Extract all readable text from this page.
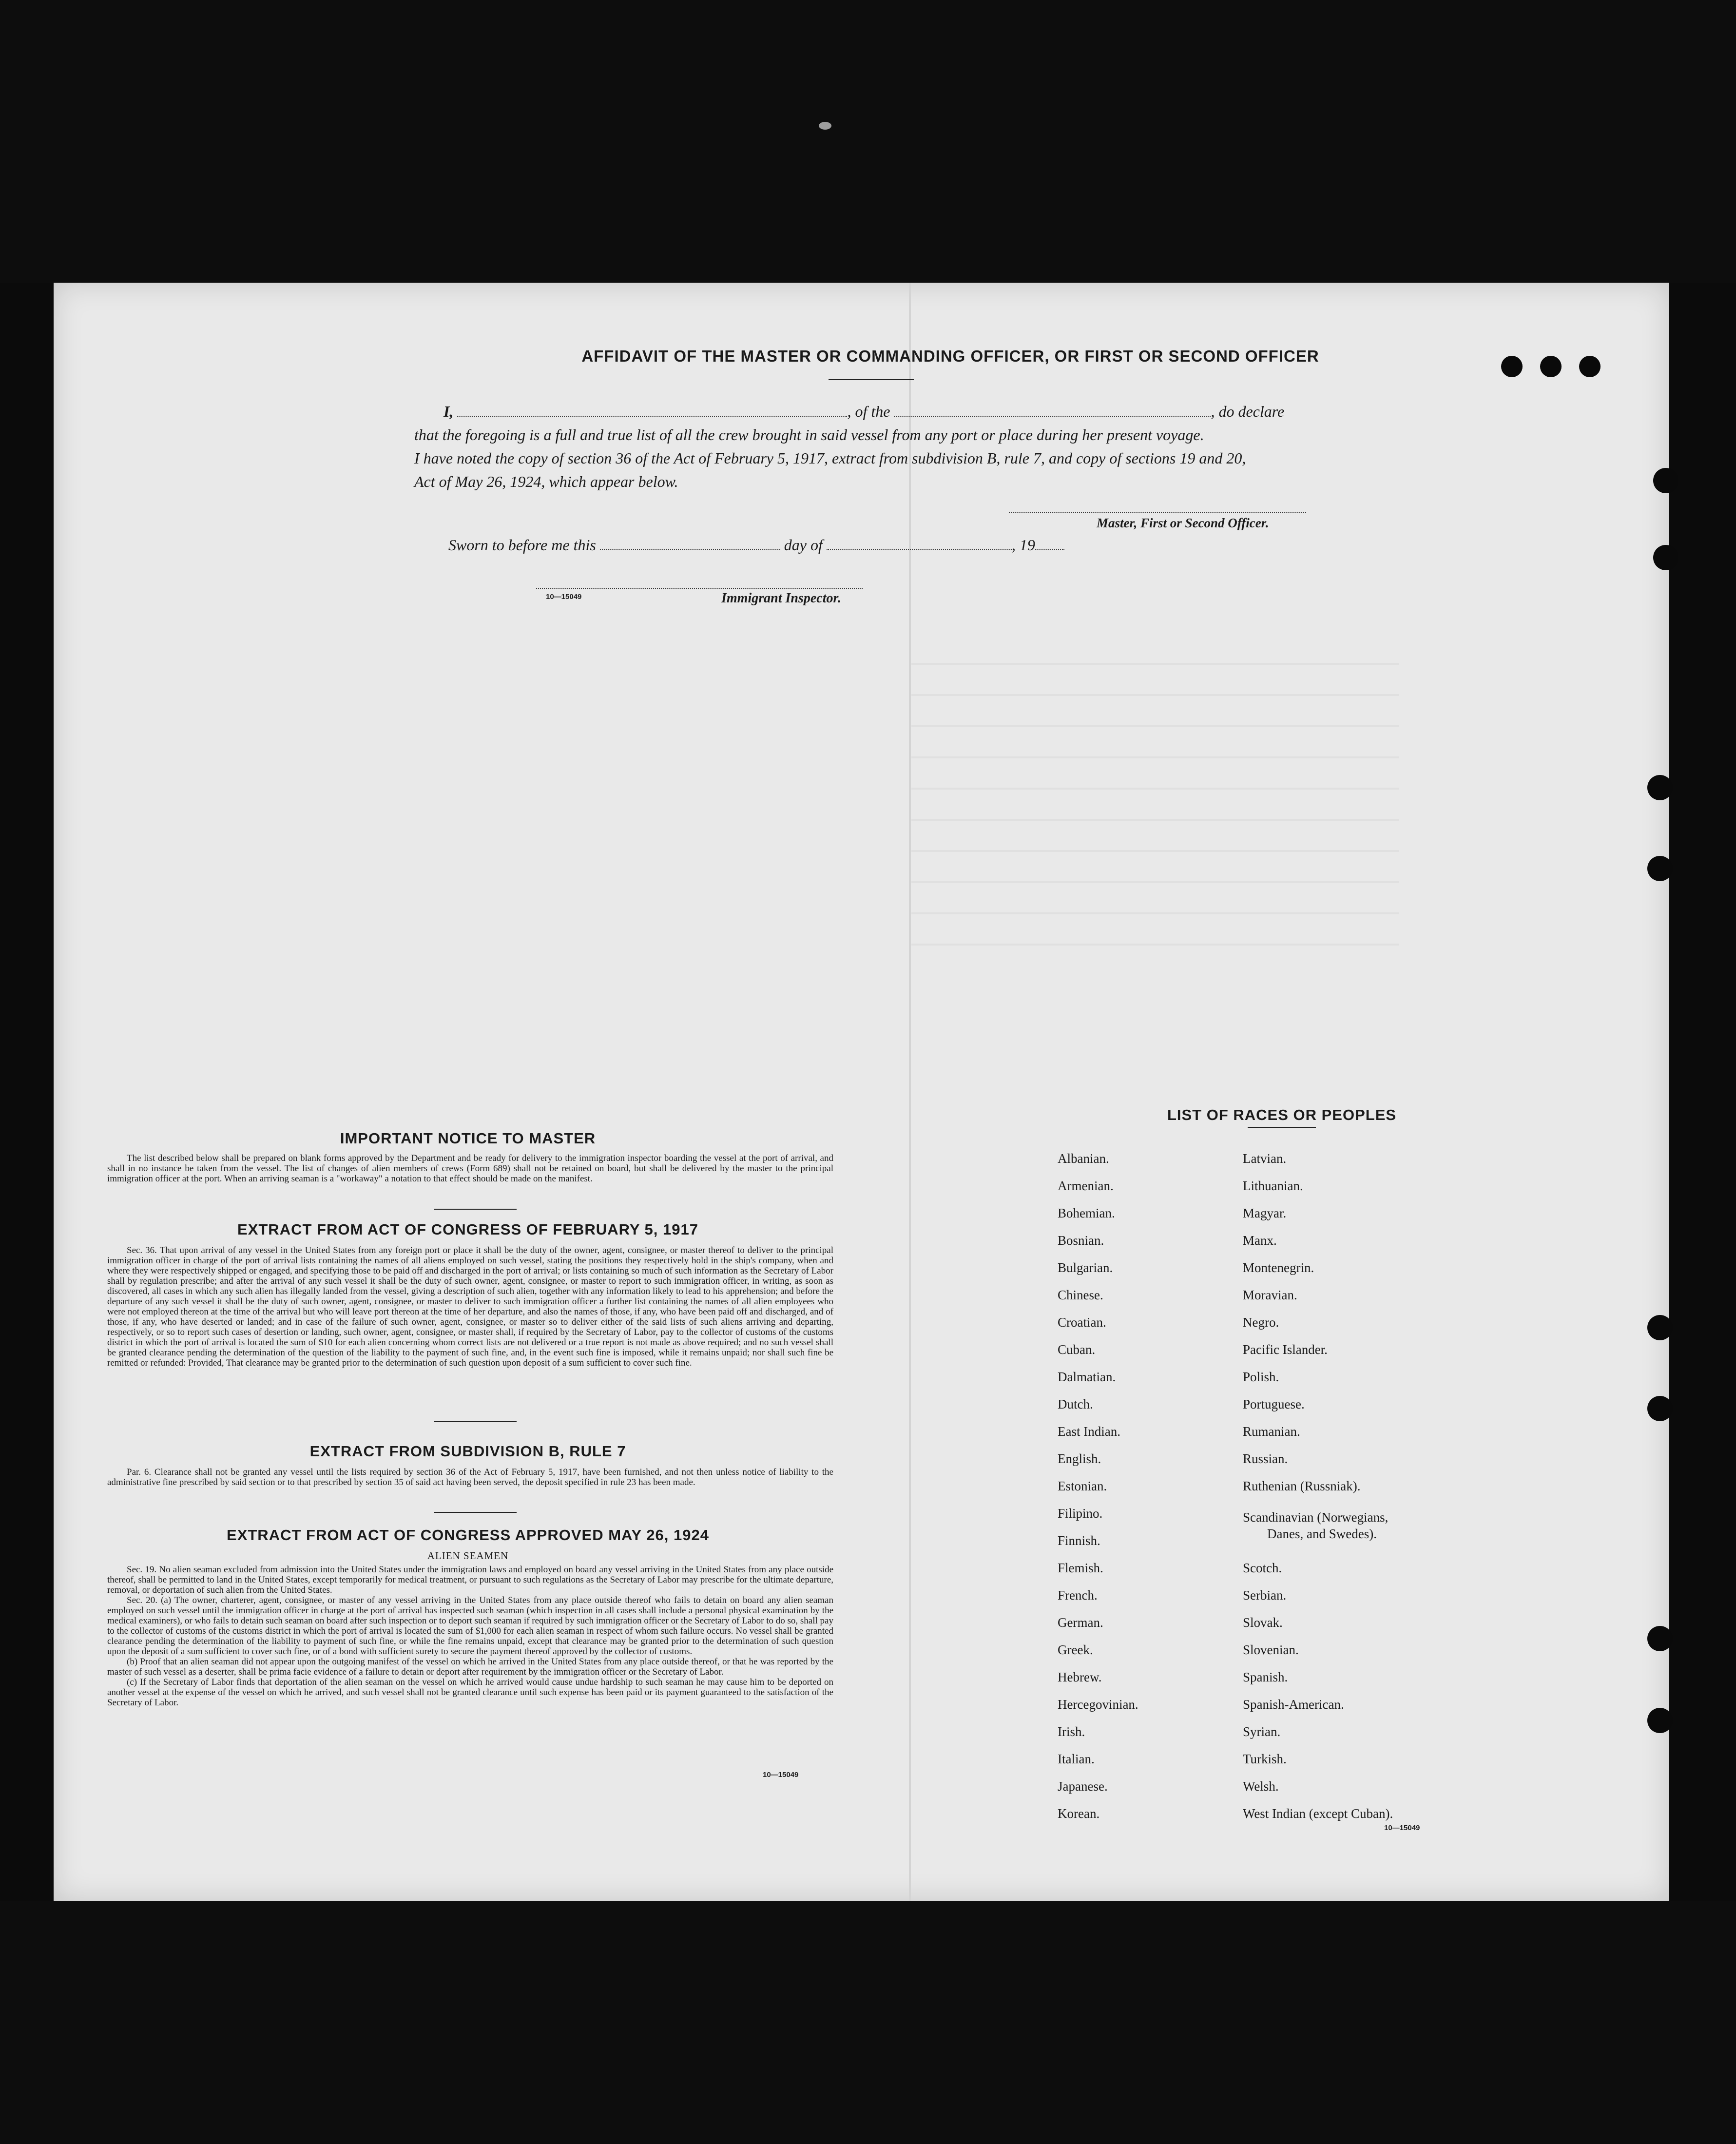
AFFIDAVIT OF THE MASTER OR COMMANDING OFFICER, OR FIRST OR SECOND OFFICER
I,	, of the	, do declare
that the foregoing is a full and true list of all the crew brought in said vessel from any port or place during her present voyage.
I have noted the copy of section 36 of the Act of February 5, 1917, extract from subdivision B, rule 7, and copy of sections 19 and 20,
Act of May 26, 1924, which appear below.
Master, First or Second Officer.
Sworn to before me this	day of	, 19
10—15049	Immigrant Inspector.
IMPORTANT NOTICE TO MASTER

The list described below shall be prepared on blank forms approved by the Department and be ready for delivery to the immigration inspector boarding the vessel at the port of arrival, and shall in no instance be taken from the vessel. The list of changes of alien members of crews (Form 689) shall not be retained on board, but shall be delivered by the master to the principal immigration officer at the port. When an arriving seaman is a "workaway" a notation to that effect should be made on the manifest.

EXTRACT FROM ACT OF CONGRESS OF FEBRUARY 5, 1917

Sec. 36. That upon arrival of any vessel in the United States from any foreign port or place it shall be the duty of the owner, agent, consignee, or master thereof to deliver to the principal immigration officer in charge of the port of arrival lists containing the names of all aliens employed on such vessel, stating the positions they respectively hold in the ship's company, when and where they were respectively shipped or engaged, and specifying those to be paid off and discharged in the port of arrival; or lists containing so much of such information as the Secretary of Labor shall by regulation prescribe; and after the arrival of any such vessel it shall be the duty of such owner, agent, consignee, or master to report to such immigration officer, in writing, as soon as discovered, all cases in which any such alien has illegally landed from the vessel, giving a description of such alien, together with any information likely to lead to his apprehension; and before the departure of any such vessel it shall be the duty of such owner, agent, consignee, or master to deliver to such immigration officer a further list containing the names of all alien employees who were not employed thereon at the time of the arrival but who will leave port thereon at the time of her departure, and also the names of those, if any, who have been paid off and discharged, and of those, if any, who have deserted or landed; and in case of the failure of such owner, agent, consignee, or master so to deliver either of the said lists of such aliens arriving and departing, respectively, or so to report such cases of desertion or landing, such owner, agent, consignee, or master shall, if required by the Secretary of Labor, pay to the collector of customs of the customs district in which the port of arrival is located the sum of $10 for each alien concerning whom correct lists are not delivered or a true report is not made as above required; and no such vessel shall be granted clearance pending the determination of the question of the liability to the payment of such fine, and, in the event such fine is imposed, while it remains unpaid; nor shall such fine be remitted or refunded: Provided, That clearance may be granted prior to the determination of such question upon deposit of a sum sufficient to cover such fine.

EXTRACT FROM SUBDIVISION B, RULE 7

Par. 6. Clearance shall not be granted any vessel until the lists required by section 36 of the Act of February 5, 1917, have been furnished, and not then unless notice of liability to the administrative fine prescribed by said section or to that prescribed by section 35 of said act having been served, the deposit specified in rule 23 has been made.

EXTRACT FROM ACT OF CONGRESS APPROVED MAY 26, 1924
ALIEN SEAMEN

Sec. 19. No alien seaman excluded from admission into the United States under the immigration laws and employed on board any vessel arriving in the United States from any place outside thereof, shall be permitted to land in the United States, except temporarily for medical treatment, or pursuant to such regulations as the Secretary of Labor may prescribe for the ultimate departure, removal, or deportation of such alien from the United States.

Sec. 20. (a) The owner, charterer, agent, consignee, or master of any vessel arriving in the United States from any place outside thereof who fails to detain on board any alien seaman employed on such vessel until the immigration officer in charge at the port of arrival has inspected such seaman (which inspection in all cases shall include a personal physical examination by the medical examiners), or who fails to detain such seaman on board after such inspection or to deport such seaman if required by such immigration officer or the Secretary of Labor to do so, shall pay to the collector of customs of the customs district in which the port of arrival is located the sum of $1,000 for each alien seaman in respect of whom such failure occurs. No vessel shall be granted clearance pending the determination of the liability to payment of such fine, or while the fine remains unpaid, except that clearance may be granted prior to the determination of such question upon the deposit of a sum sufficient to cover such fine, or of a bond with sufficient surety to secure the payment thereof approved by the collector of customs.

(b) Proof that an alien seaman did not appear upon the outgoing manifest of the vessel on which he arrived in the United States from any place outside thereof, or that he was reported by the master of such vessel as a deserter, shall be prima facie evidence of a failure to detain or deport after requirement by the immigration officer or the Secretary of Labor.

(c) If the Secretary of Labor finds that deportation of the alien seaman on the vessel on which he arrived would cause undue hardship to such seaman he may cause him to be deported on another vessel at the expense of the vessel on which he arrived, and such vessel shall not be granted clearance until such expense has been paid or its payment guaranteed to the satisfaction of the Secretary of Labor.

10—15049
LIST OF RACES OR PEOPLES
Albanian.
Armenian.
Bohemian.
Bosnian.
Bulgarian.
Chinese.
Croatian.
Cuban.
Dalmatian.
Dutch.
East Indian.
English.
Estonian.
Filipino.
Finnish.
Flemish.
French.
German.
Greek.
Hebrew.
Hercegovinian.
Irish.
Italian.
Japanese.
Korean.
Latvian.
Lithuanian.
Magyar.
Manx.
Montenegrin.
Moravian.
Negro.
Pacific Islander.
Polish.
Portuguese.
Rumanian.
Russian.
Ruthenian (Russniak).
Scandinavian (Norwegians,
Danes, and Swedes).
Scotch.
Serbian.
Slovak.
Slovenian.
Spanish.
Spanish-American.
Syrian.
Turkish.
Welsh.
West Indian (except Cuban).
10—15049
